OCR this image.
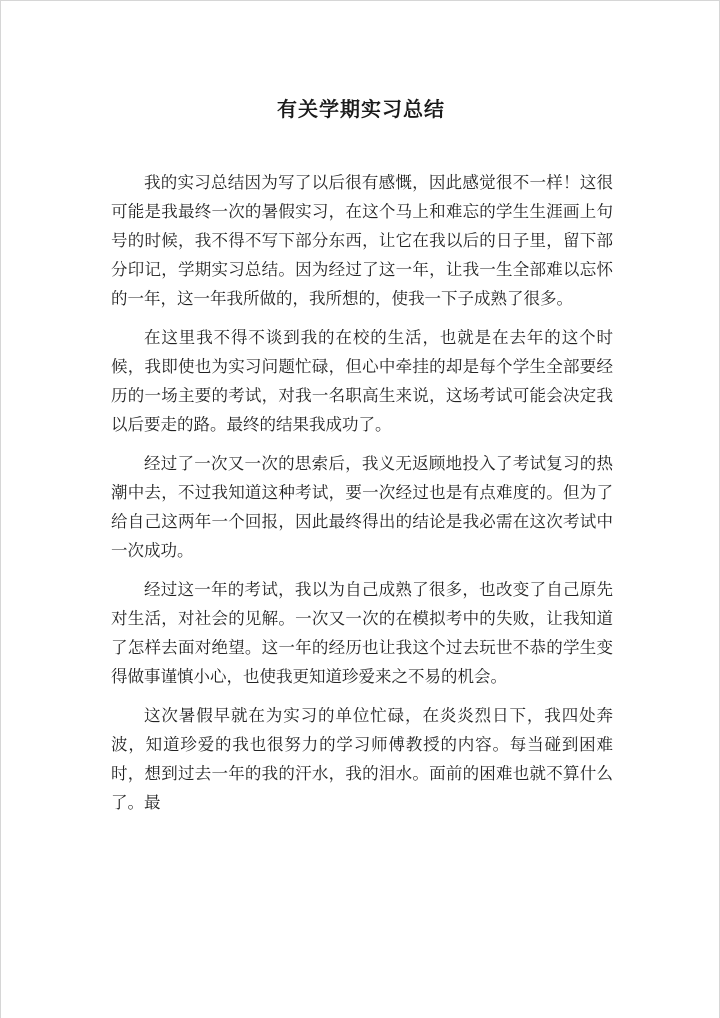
有关学期实习总结

我的实习总结因为写了以后很有感慨，因此感觉很不一样！这很可能是我最终一次的暑假实习，在这个马上和难忘的学生生涯画上句号的时候，我不得不写下部分东西，让它在我以后的日子里，留下部分印记，学期实习总结。因为经过了这一年，让我一生全部难以忘怀的一年，这一年我所做的，我所想的，使我一下子成熟了很多。

在这里我不得不谈到我的在校的生活，也就是在去年的这个时候，我即使也为实习问题忙碌，但心中牵挂的却是每个学生全部要经历的一场主要的考试，对我一名职高生来说，这场考试可能会决定我以后要走的路。最终的结果我成功了。

经过了一次又一次的思索后，我义无返顾地投入了考试复习的热潮中去，不过我知道这种考试，要一次经过也是有点难度的。但为了给自己这两年一个回报，因此最终得出的结论是我必需在这次考试中一次成功。

经过这一年的考试，我以为自己成熟了很多，也改变了自己原先对生活，对社会的见解。一次又一次的在模拟考中的失败，让我知道了怎样去面对绝望。这一年的经历也让我这个过去玩世不恭的学生变得做事谨慎小心，也使我更知道珍爱来之不易的机会。

这次暑假早就在为实习的单位忙碌，在炎炎烈日下，我四处奔波，知道珍爱的我也很努力的学习师傅教授的内容。每当碰到困难时，想到过去一年的我的汗水，我的泪水。面前的困难也就不算什么了。最
